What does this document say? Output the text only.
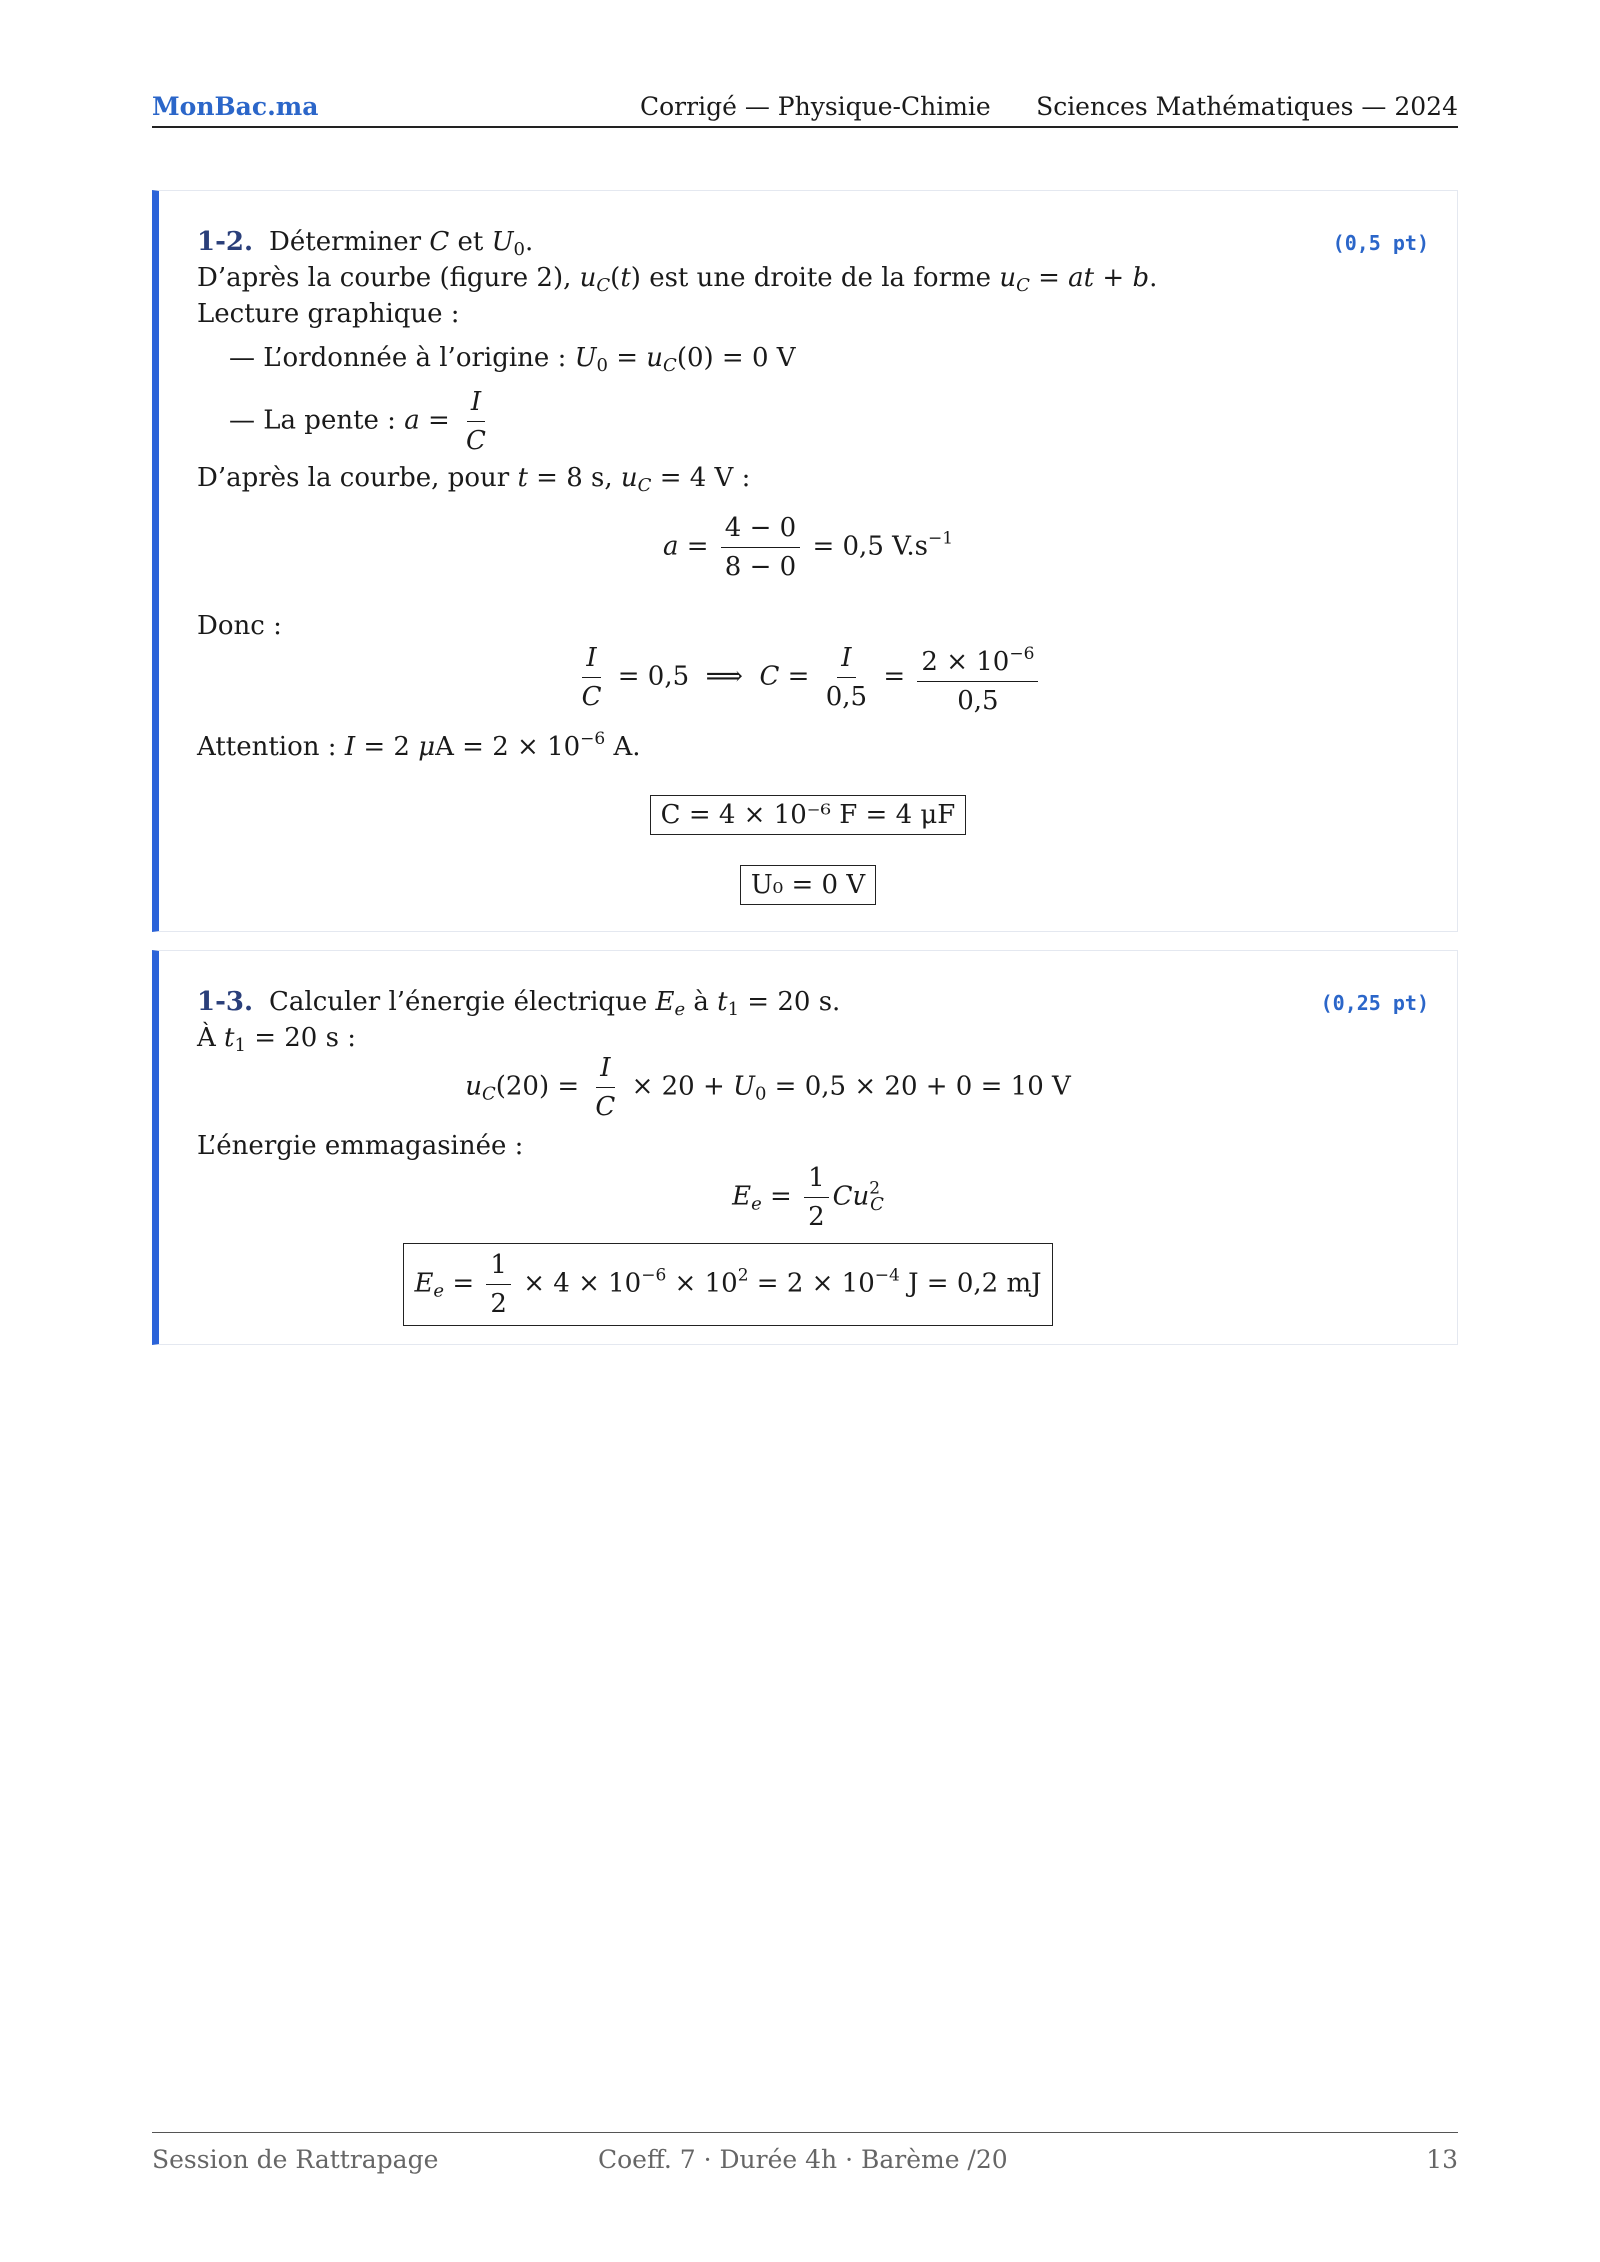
MonBac.ma	Corrigé — Physique-Chimie Sciences Mathématiques — 2024
1-2. Déterminer C et $U_0$.	(0,5 pt)
D’après la courbe (figure 2), $u_C(t)$ est une droite de la forme $u_C$ = at + b.
Lecture graphique :
— L’ordonnée à l’origine : $U_0 = u_C(0) = 0$ V
— La pente : $a = \frac{I}{C}$
D’après la courbe, pour t = 8 s, $u_C = 4$ V :
$a = \frac{4 - 0}{8 - 0} = 0,5$ $V.s^{-1}$
Donc :
$\frac{I}{C} = 0,5$  ⟹  $C = \frac{I}{0,5} = \frac{2 \times 10^{-6}}{0,5}$
Attention : I = 2 $\mu A = 2 \times 10^{-6}$ A.
C = 4 × 10⁻⁶ F = 4 μF
U₀ = 0 V
1-3. Calculer l’énergie électrique $E_e$ à $t_1 = 20$ s.	(0,25 pt)
À $t_1 = 20$ s :
$u_C(20) = \frac{I}{C} \times 20 + U_0 = 0,5 \times 20 + 0 = 10$ V
L’énergie emmagasinée :
$E_e = \frac{1}{2} Cu^2_C$
$E_e = \frac{1}{2} \times 4 \times 10^{-6} \times 10^2 = 2 \times 10^{-4}$ J = 0,2 mJ
Session de Rattrapage	Coeff. 7 · Durée 4h · Barème /20	13
